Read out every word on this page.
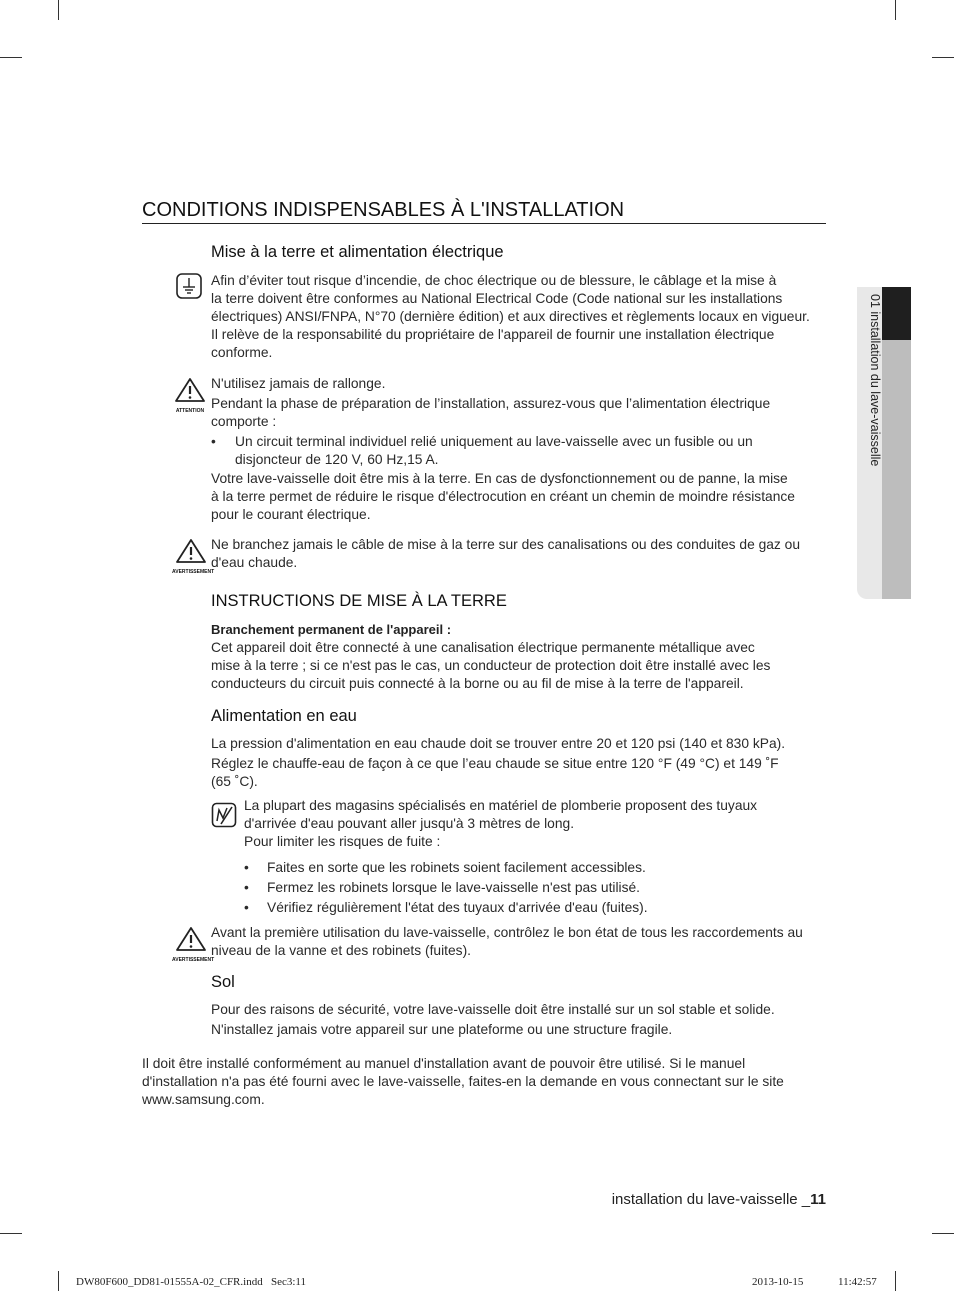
01 installation du lave-vaisselle
CONDITIONS INDISPENSABLES À L'INSTALLATION
Mise à la terre et alimentation électrique
Afin d’éviter tout risque d’incendie, de choc électrique ou de blessure, le câblage et la mise à
la terre doivent être conformes au National Electrical Code (Code national sur les installations
électriques) ANSI/FNPA, N°70 (dernière édition) et aux directives et règlements locaux en vigueur.
Il relève de la responsabilité du propriétaire de l'appareil de fournir une installation électrique
conforme.
ATTENTION
N'utilisez jamais de rallonge.
Pendant la phase de préparation de l’installation, assurez-vous que l’alimentation électrique
comporte :
• Un circuit terminal individuel relié uniquement au lave-vaisselle avec un fusible ou un
disjoncteur de 120 V, 60 Hz,15 A.
Votre lave-vaisselle doit être mis à la terre. En cas de dysfonctionnement ou de panne, la mise
à la terre permet de réduire le risque d'électrocution en créant un chemin de moindre résistance
pour le courant électrique.
AVERTISSEMENT
Ne branchez jamais le câble de mise à la terre sur des canalisations ou des conduites de gaz ou
d'eau chaude.
INSTRUCTIONS DE MISE À LA TERRE
Branchement permanent de l'appareil :
Cet appareil doit être connecté à une canalisation électrique permanente métallique avec
mise à la terre ; si ce n'est pas le cas, un conducteur de protection doit être installé avec les
conducteurs du circuit puis connecté à la borne ou au fil de mise à la terre de l'appareil.
Alimentation en eau
La pression d'alimentation en eau chaude doit se trouver entre 20 et 120 psi (140 et 830 kPa).
Réglez le chauffe-eau de façon à ce que l’eau chaude se situe entre 120 °F (49 °C) et 149 ˚F
(65 ˚C).
La plupart des magasins spécialisés en matériel de plomberie proposent des tuyaux
d'arrivée d'eau pouvant aller jusqu'à 3 mètres de long.
Pour limiter les risques de fuite :
• Faites en sorte que les robinets soient facilement accessibles.
• Fermez les robinets lorsque le lave-vaisselle n'est pas utilisé.
• Vérifiez régulièrement l'état des tuyaux d'arrivée d'eau (fuites).
AVERTISSEMENT
Avant la première utilisation du lave-vaisselle, contrôlez le bon état de tous les raccordements au
niveau de la vanne et des robinets (fuites).
Sol
Pour des raisons de sécurité, votre lave-vaisselle doit être installé sur un sol stable et solide.
N'installez jamais votre appareil sur une plateforme ou une structure fragile.
Il doit être installé conformément au manuel d'installation avant de pouvoir être utilisé. Si le manuel
d'installation n'a pas été fourni avec le lave-vaisselle, faites-en la demande en vous connectant sur le site
www.samsung.com.
installation du lave-vaisselle _11
DW80F600_DD81-01555A-02_CFR.indd   Sec3:11	2013-10-15	11:42:57
